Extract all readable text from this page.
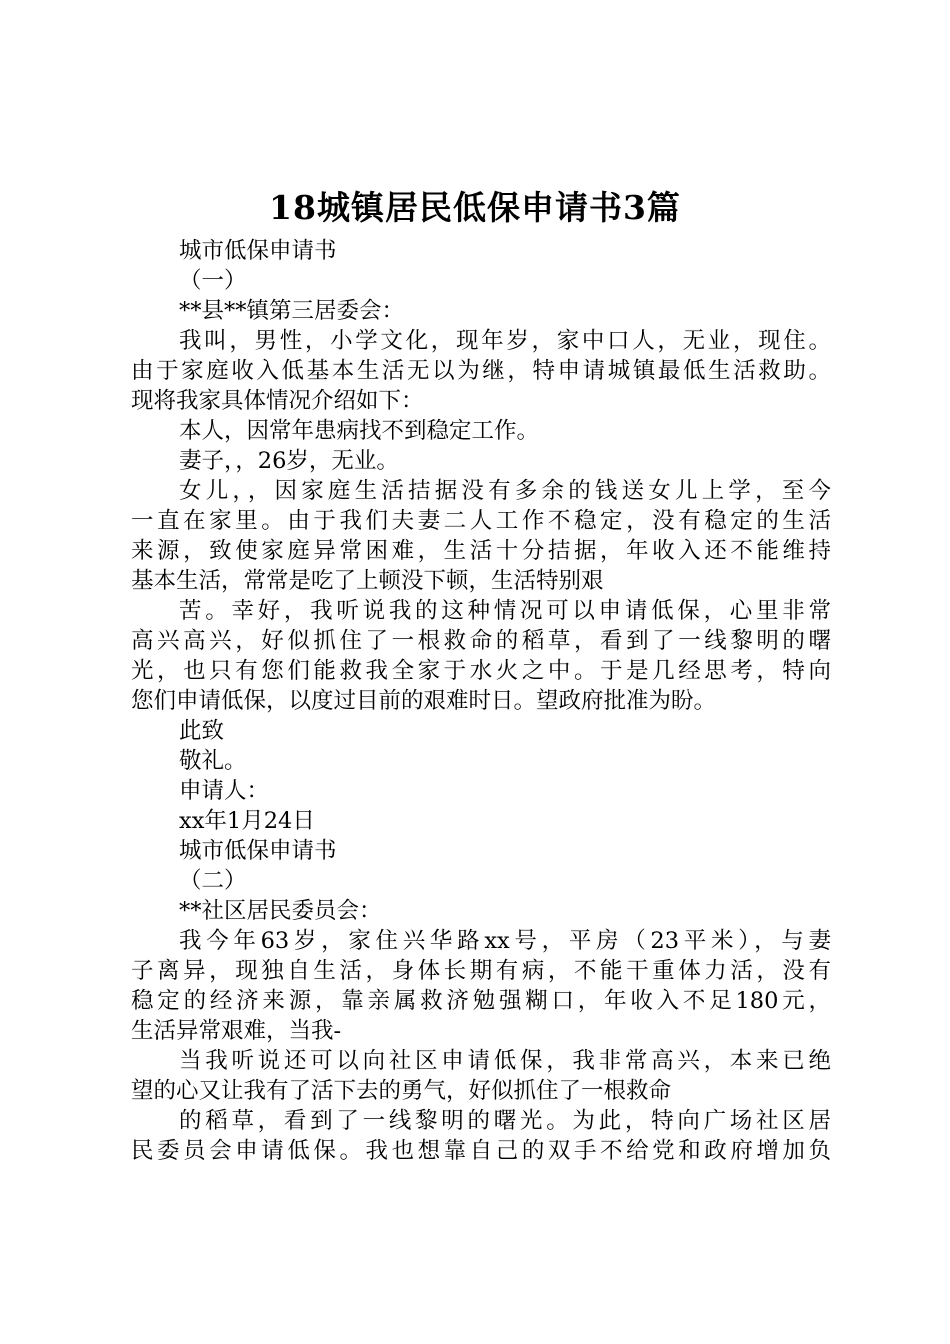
18城镇居民低保申请书3篇
城市低保申请书
（一）
**县**镇第三居委会：
我叫，男性，小学文化，现年岁，家中口人，无业，现住。
由于家庭收入低基本生活无以为继，特申请城镇最低生活救助。
现将我家具体情况介绍如下：
本人，因常年患病找不到稳定工作。
妻子，，26岁，无业。
女儿，，因家庭生活拮据没有多余的钱送女儿上学，至今
一直在家里。由于我们夫妻二人工作不稳定，没有稳定的生活
来源，致使家庭异常困难，生活十分拮据，年收入还不能维持
基本生活，常常是吃了上顿没下顿，生活特别艰
苦。幸好，我听说我的这种情况可以申请低保，心里非常
高兴高兴，好似抓住了一根救命的稻草，看到了一线黎明的曙
光，也只有您们能救我全家于水火之中。于是几经思考，特向
您们申请低保，以度过目前的艰难时日。望政府批准为盼。
此致
敬礼。
申请人：
xx年1月24日
城市低保申请书
（二）
**社区居民委员会：
我今年63岁，家住兴华路xx号，平房（23平米），与妻
子离异，现独自生活，身体长期有病，不能干重体力活，没有
稳定的经济来源，靠亲属救济勉强糊口，年收入不足180元，
生活异常艰难，当我-
当我听说还可以向社区申请低保，我非常高兴，本来已绝
望的心又让我有了活下去的勇气，好似抓住了一根救命
的稻草，看到了一线黎明的曙光。为此，特向广场社区居
民委员会申请低保。我也想靠自己的双手不给党和政府增加负
